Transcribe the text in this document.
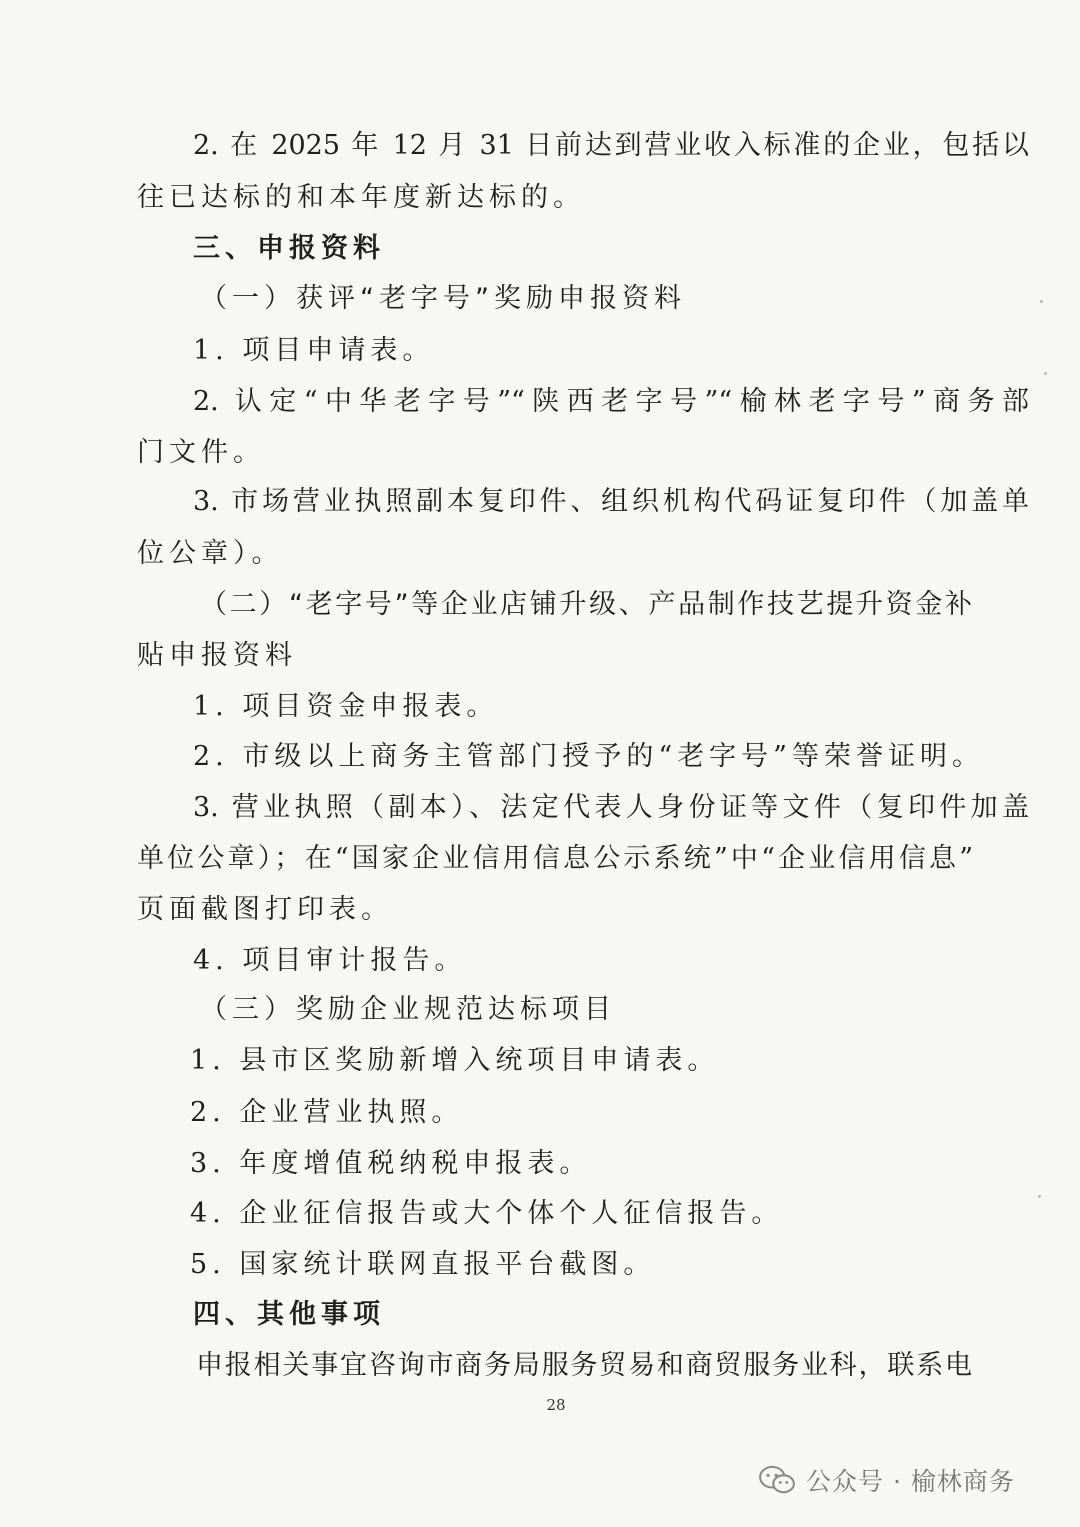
2. 在 2025 年 12 月 31 日前达到营业收入标准的企业，包括以
往已达标的和本年度新达标的。
三、申报资料
（一）获评“老字号”奖励申报资料
1. 项目申请表。
2. 认定“中华老字号”“陕西老字号”“榆林老字号”商务部
门文件。
3. 市场营业执照副本复印件、组织机构代码证复印件（加盖单
位公章）。
（二）“老字号”等企业店铺升级、产品制作技艺提升资金补
贴申报资料
1. 项目资金申报表。
2. 市级以上商务主管部门授予的“老字号”等荣誉证明。
3. 营业执照（副本）、法定代表人身份证等文件（复印件加盖
单位公章）；在“国家企业信用信息公示系统”中“企业信用信息”
页面截图打印表。
4. 项目审计报告。
（三）奖励企业规范达标项目
1. 县市区奖励新增入统项目申请表。
2. 企业营业执照。
3. 年度增值税纳税申报表。
4. 企业征信报告或大个体个人征信报告。
5. 国家统计联网直报平台截图。
四、其他事项
申报相关事宜咨询市商务局服务贸易和商贸服务业科，联系电
28
公众号 · 榆林商务
